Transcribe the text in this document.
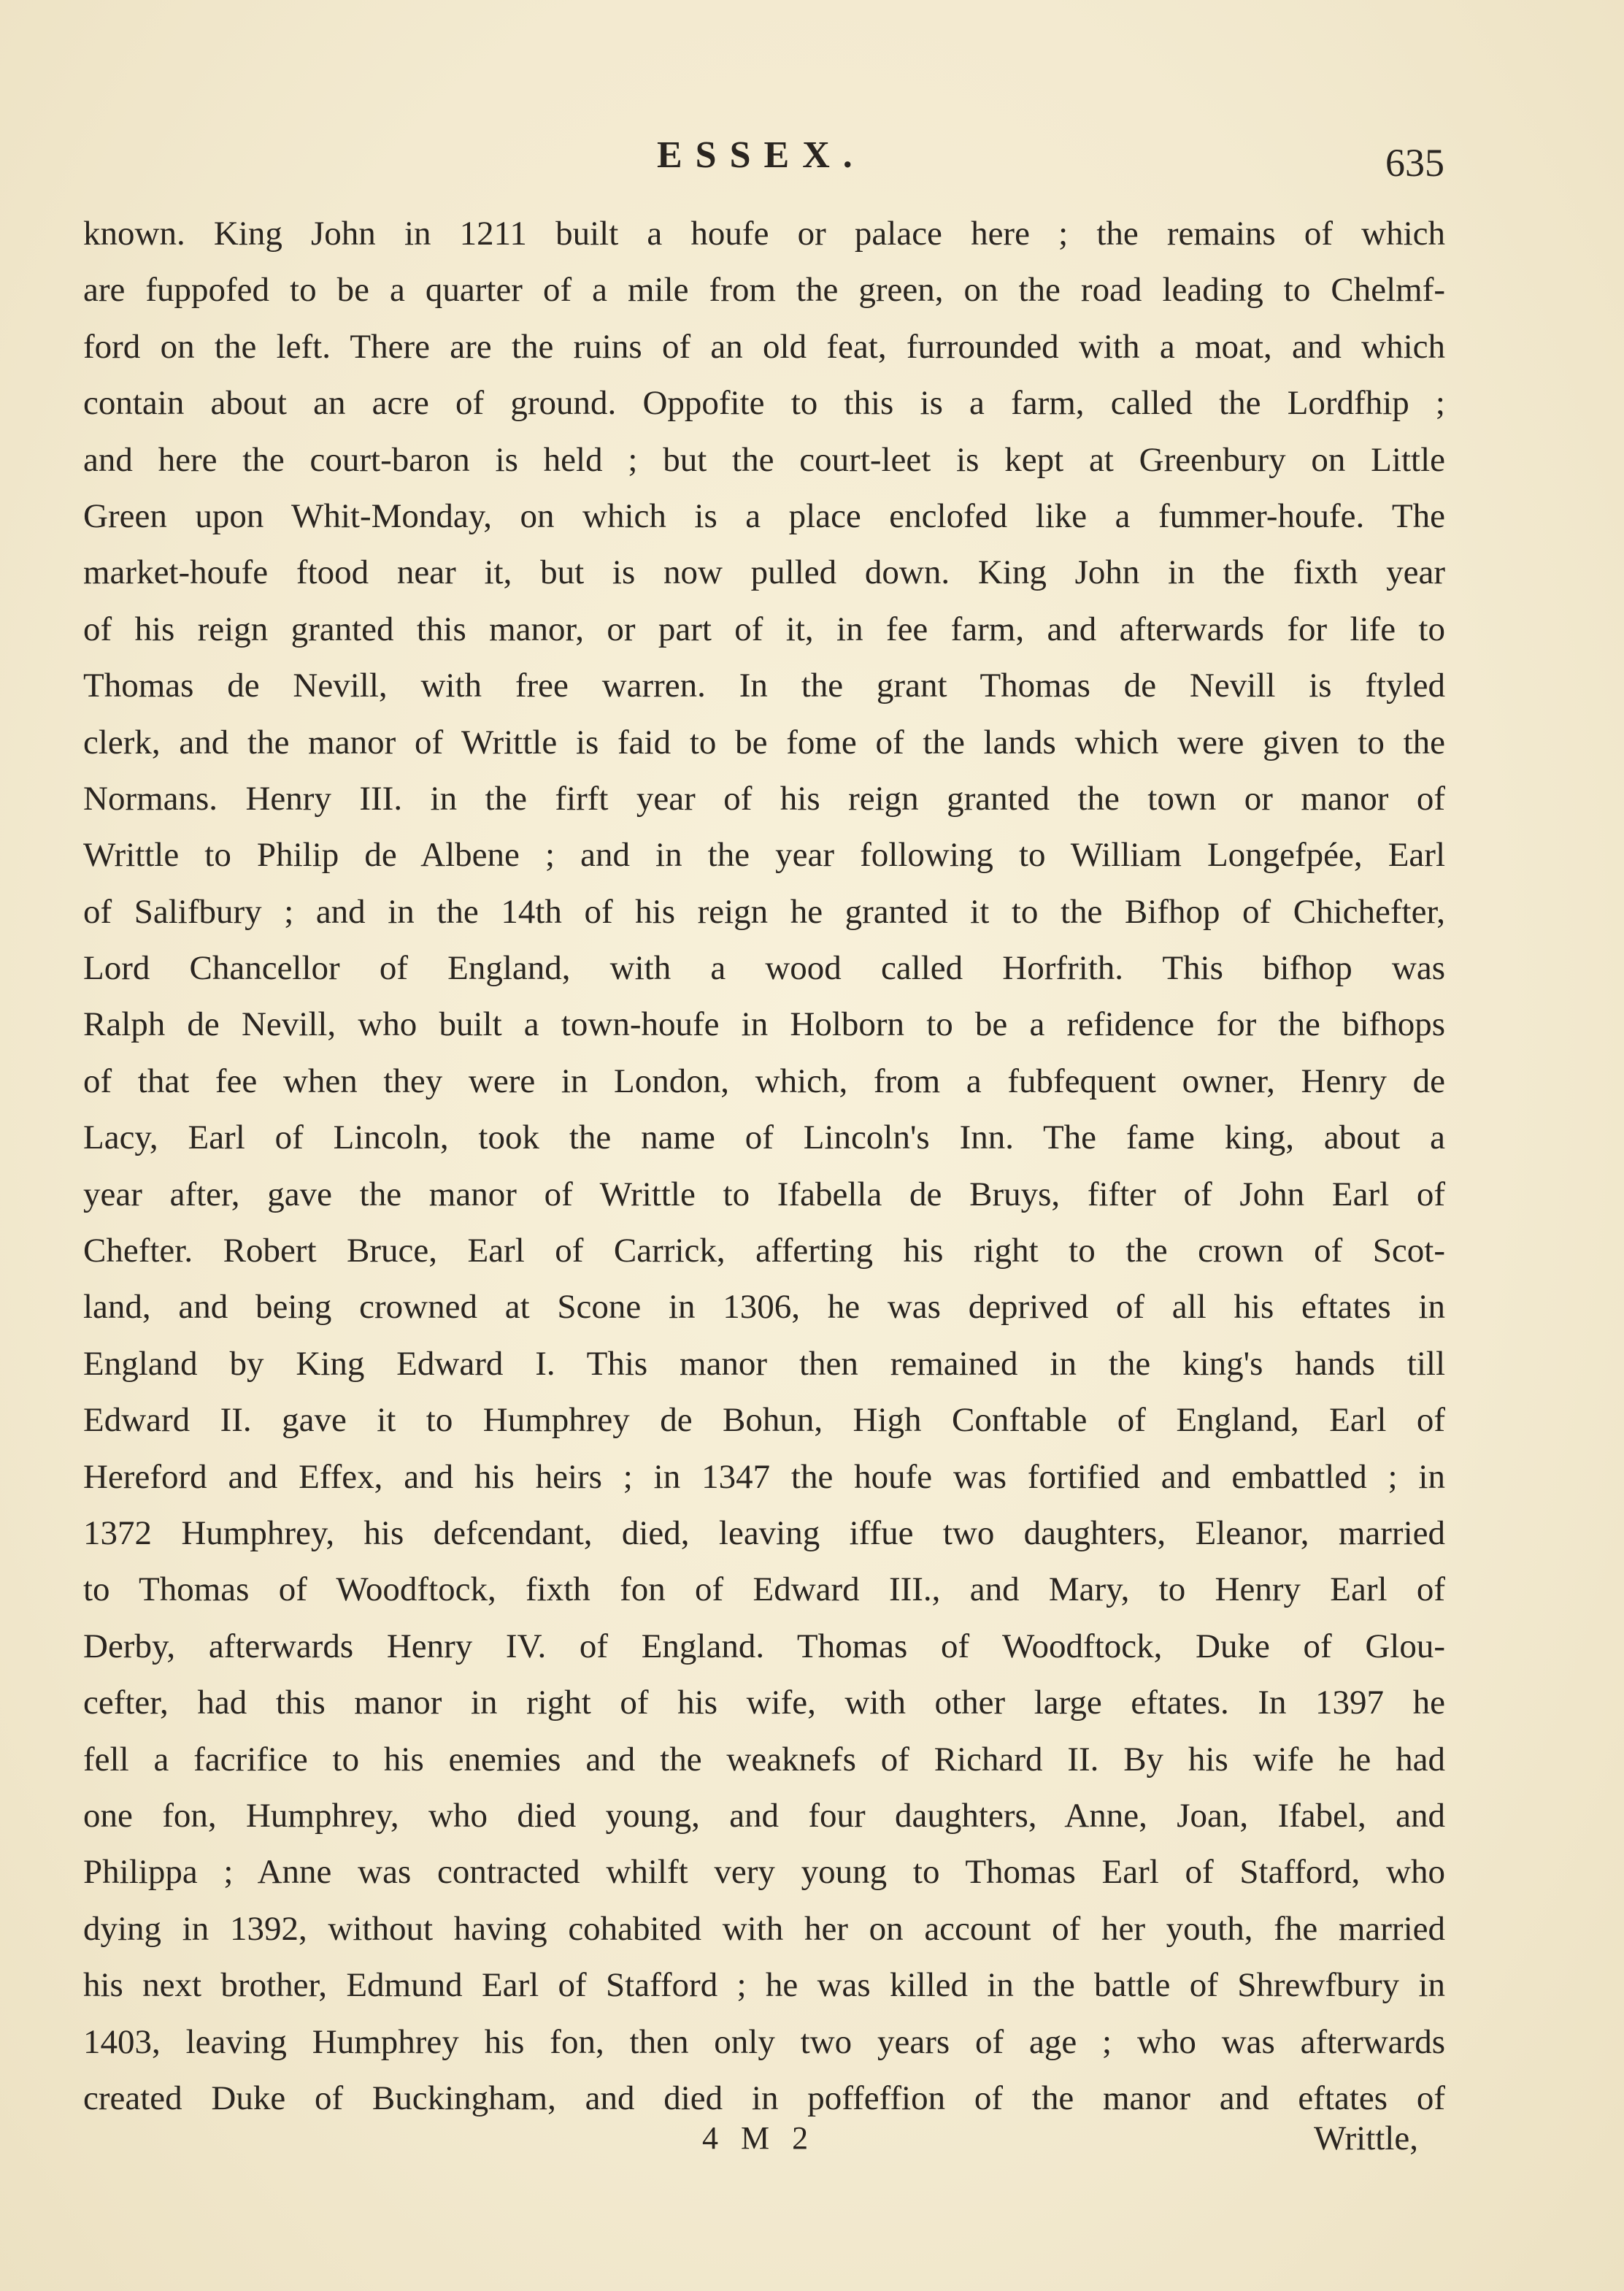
ESSEX.	635
known. King John in 1211 built a houfe or palace here ; the remains of which
are fuppofed to be a quarter of a mile from the green, on the road leading to Chelmf-
ford on the left. There are the ruins of an old feat, furrounded with a moat, and which
contain about an acre of ground. Oppofite to this is a farm, called the Lordfhip ;
and here the court-baron is held ; but the court-leet is kept at Greenbury on Little
Green upon Whit-Monday, on which is a place enclofed like a fummer-houfe. The
market-houfe ftood near it, but is now pulled down. King John in the fixth year
of his reign granted this manor, or part of it, in fee farm, and afterwards for life to
Thomas de Nevill, with free warren. In the grant Thomas de Nevill is ftyled
clerk, and the manor of Writtle is faid to be fome of the lands which were given to the
Normans. Henry III. in the firft year of his reign granted the town or manor of
Writtle to Philip de Albene ; and in the year following to William Longefpée, Earl
of Salifbury ; and in the 14th of his reign he granted it to the Bifhop of Chichefter,
Lord Chancellor of England, with a wood called Horfrith. This bifhop was
Ralph de Nevill, who built a town-houfe in Holborn to be a refidence for the bifhops
of that fee when they were in London, which, from a fubfequent owner, Henry de
Lacy, Earl of Lincoln, took the name of Lincoln's Inn. The fame king, about a
year after, gave the manor of Writtle to Ifabella de Bruys, fifter of John Earl of
Chefter. Robert Bruce, Earl of Carrick, afferting his right to the crown of Scot-
land, and being crowned at Scone in 1306, he was deprived of all his eftates in
England by King Edward I. This manor then remained in the king's hands till
Edward II. gave it to Humphrey de Bohun, High Conftable of England, Earl of
Hereford and Effex, and his heirs ; in 1347 the houfe was fortified and embattled ; in
1372 Humphrey, his defcendant, died, leaving iffue two daughters, Eleanor, married
to Thomas of Woodftock, fixth fon of Edward III., and Mary, to Henry Earl of
Derby, afterwards Henry IV. of England. Thomas of Woodftock, Duke of Glou-
cefter, had this manor in right of his wife, with other large eftates. In 1397 he
fell a facrifice to his enemies and the weaknefs of Richard II. By his wife he had
one fon, Humphrey, who died young, and four daughters, Anne, Joan, Ifabel, and
Philippa ; Anne was contracted whilft very young to Thomas Earl of Stafford, who
dying in 1392, without having cohabited with her on account of her youth, fhe married
his next brother, Edmund Earl of Stafford ; he was killed in the battle of Shrewfbury in
1403, leaving Humphrey his fon, then only two years of age ; who was afterwards
created Duke of Buckingham, and died in poffeffion of the manor and eftates of
4 M 2	Writtle,
